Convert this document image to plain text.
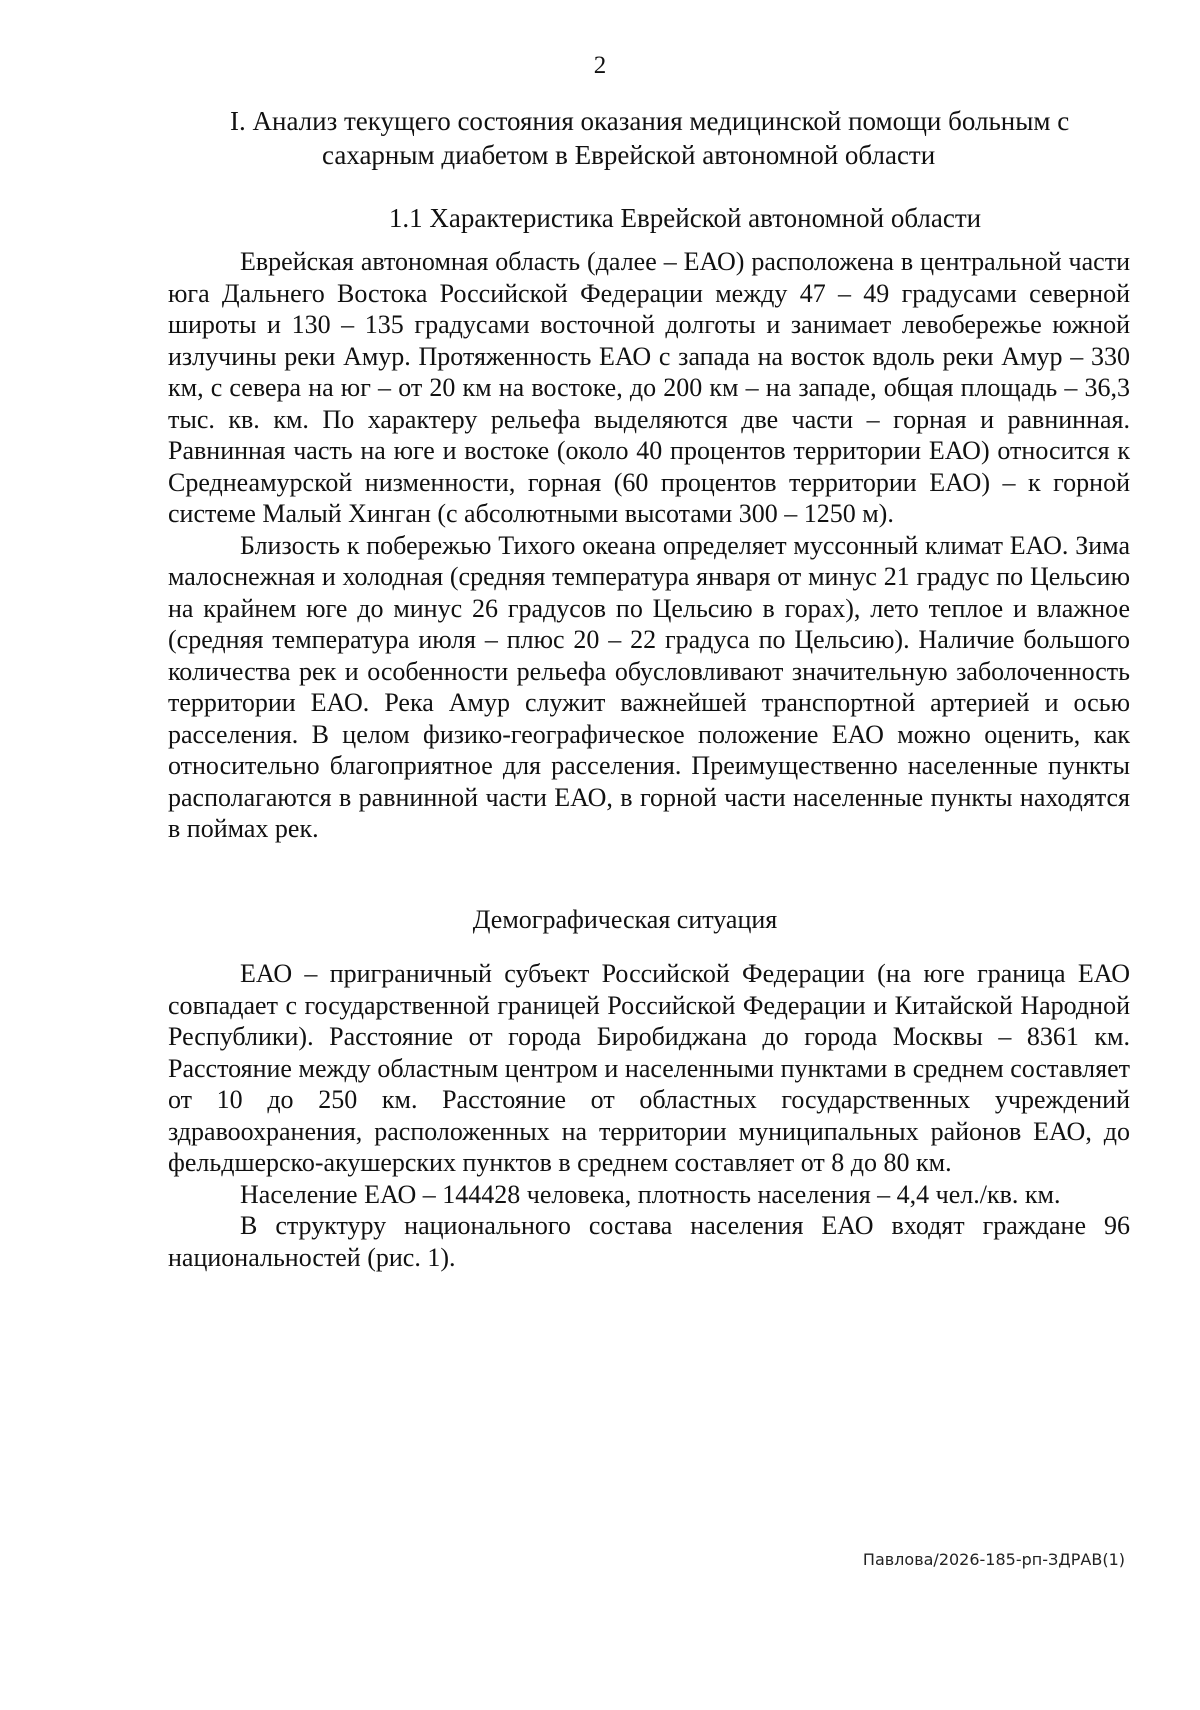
2
I. Анализ текущего состояния оказания медицинской помощи больным с
сахарным диабетом в Еврейской автономной области
1.1 Характеристика Еврейской автономной области

Еврейская автономная область (далее – ЕАО) расположена в центральной части юга Дальнего Востока Российской Федерации между 47 – 49 градусами северной широты и 130 – 135 градусами восточной долготы и занимает левобережье южной излучины реки Амур. Протяженность ЕАО с запада на восток вдоль реки Амур – 330 км, с севера на юг – от 20 км на востоке, до 200 км – на западе, общая площадь – 36,3 тыс. кв. км. По характеру рельефа выделяются две части – горная и равнинная. Равнинная часть на юге и востоке (около 40 процентов территории ЕАО) относится к Среднеамурской низменности, горная (60 процентов территории ЕАО) – к горной системе Малый Хинган (с абсолютными высотами 300 – 1250 м).

Близость к побережью Тихого океана определяет муссонный климат ЕАО. Зима малоснежная и холодная (средняя температура января от минус 21 градус по Цельсию на крайнем юге до минус 26 градусов по Цельсию в горах), лето теплое и влажное (средняя температура июля – плюс 20 – 22 градуса по Цельсию). Наличие большого количества рек и особенности рельефа обусловливают значительную заболоченность территории ЕАО. Река Амур служит важнейшей транспортной артерией и осью расселения. В целом физико-географическое положение ЕАО можно оценить, как относительно благоприятное для расселения. Преимущественно населенные пункты располагаются в равнинной части ЕАО, в горной части населенные пункты находятся в поймах рек.

Демографическая ситуация

ЕАО – приграничный субъект Российской Федерации (на юге граница ЕАО совпадает с государственной границей Российской Федерации и Китайской Народной Республики). Расстояние от города Биробиджана до города Москвы – 8361 км. Расстояние между областным центром и населенными пунктами в среднем составляет от 10 до 250 км. Расстояние от областных государственных учреждений здравоохранения, расположенных на территории муниципальных районов ЕАО, до фельдшерско-акушерских пунктов в среднем составляет от 8 до 80 км.

Население ЕАО – 144428 человека, плотность населения – 4,4 чел./кв. км.

В структуру национального состава населения ЕАО входят граждане 96 национальностей (рис. 1).

Павлова/2026-185-рп-ЗДРАВ(1)
